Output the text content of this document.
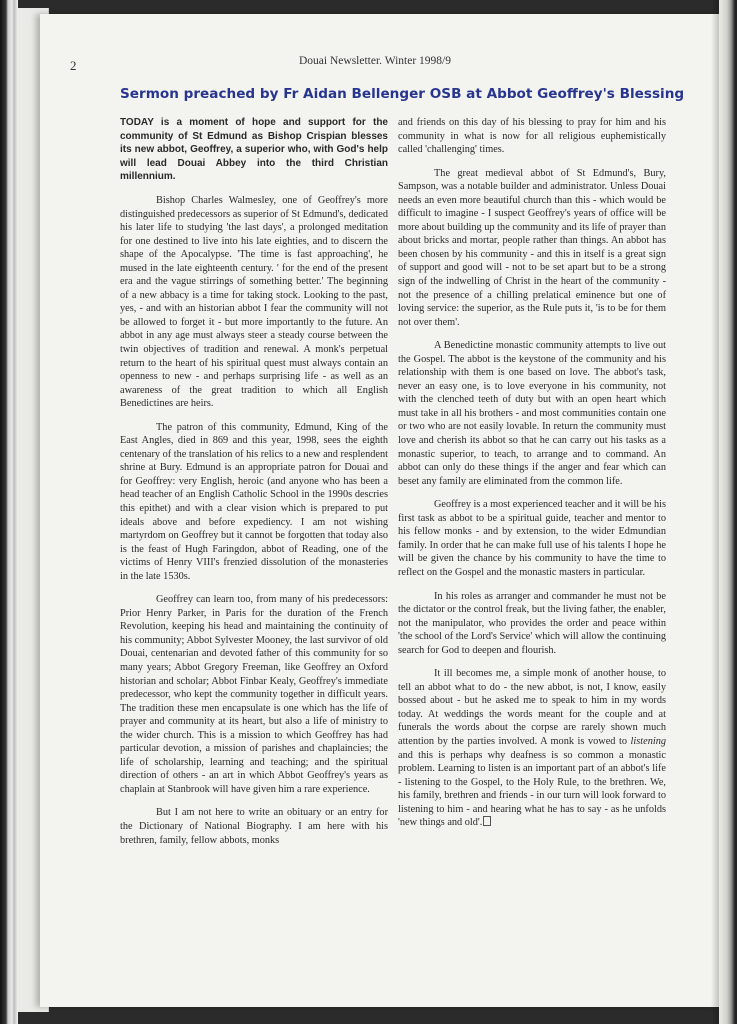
2	Douai Newsletter. Winter 1998/9
Sermon preached by Fr Aidan Bellenger OSB at Abbot Geoffrey's Blessing

TODAY is a moment of hope and support for the community of St Edmund as Bishop Crispian blesses its new abbot, Geoffrey, a superior who, with God's help will lead Douai Abbey into the third Christian millennium.

Bishop Charles Walmesley, one of Geoffrey's more distinguished predecessors as superior of St Edmund's, dedicated his later life to studying 'the last days', a prolonged meditation for one destined to live into his late eighties, and to discern the shape of the Apocalypse. 'The time is fast approaching', he mused in the late eighteenth century. ' for the end of the present era and the vague stirrings of something better.' The beginning of a new abbacy is a time for taking stock. Looking to the past, yes, - and with an historian abbot I fear the community will not be allowed to forget it - but more importantly to the future. An abbot in any age must always steer a steady course between the twin objectives of tradition and renewal. A monk's perpetual return to the heart of his spiritual quest must always contain an openness to new - and perhaps surprising life - as well as an awareness of the great tradition to which all English Benedictines are heirs.

The patron of this community, Edmund, King of the East Angles, died in 869 and this year, 1998, sees the eighth centenary of the translation of his relics to a new and resplendent shrine at Bury. Edmund is an appropriate patron for Douai and for Geoffrey: very English, heroic (and anyone who has been a head teacher of an English Catholic School in the 1990s descries this epithet) and with a clear vision which is prepared to put ideals above and before expediency. I am not wishing martyrdom on Geoffrey but it cannot be forgotten that today also is the feast of Hugh Faringdon, abbot of Reading, one of the victims of Henry VIII's frenzied dissolution of the monasteries in the late 1530s.

Geoffrey can learn too, from many of his predecessors: Prior Henry Parker, in Paris for the duration of the French Revolution, keeping his head and maintaining the continuity of his community; Abbot Sylvester Mooney, the last survivor of old Douai, centenarian and devoted father of this community for so many years; Abbot Gregory Freeman, like Geoffrey an Oxford historian and scholar; Abbot Finbar Kealy, Geoffrey's immediate predecessor, who kept the community together in difficult years. The tradition these men encapsulate is one which has the life of prayer and community at its heart, but also a life of ministry to the wider church. This is a mission to which Geoffrey has had particular devotion, a mission of parishes and chaplaincies; the life of scholarship, learning and teaching; and the spiritual direction of others - an art in which Abbot Geoffrey's years as chaplain at Stanbrook will have given him a rare experience.

But I am not here to write an obituary or an entry for the Dictionary of National Biography. I am here with his brethren, family, fellow abbots, monks

and friends on this day of his blessing to pray for him and his community in what is now for all religious euphemistically called 'challenging' times.

The great medieval abbot of St Edmund's, Bury, Sampson, was a notable builder and administrator. Unless Douai needs an even more beautiful church than this - which would be difficult to imagine - I suspect Geoffrey's years of office will be more about building up the community and its life of prayer than about bricks and mortar, people rather than things. An abbot has been chosen by his community - and this in itself is a great sign of support and good will - not to be set apart but to be a strong sign of the indwelling of Christ in the heart of the community - not the presence of a chilling prelatical eminence but one of loving service: the superior, as the Rule puts it, 'is to be for them not over them'.

A Benedictine monastic community attempts to live out the Gospel. The abbot is the keystone of the community and his relationship with them is one based on love. The abbot's task, never an easy one, is to love everyone in his community, not with the clenched teeth of duty but with an open heart which must take in all his brothers - and most communities contain one or two who are not easily lovable. In return the community must love and cherish its abbot so that he can carry out his tasks as a monastic superior, to teach, to arrange and to command. An abbot can only do these things if the anger and fear which can beset any family are eliminated from the common life.

Geoffrey is a most experienced teacher and it will be his first task as abbot to be a spiritual guide, teacher and mentor to his fellow monks - and by extension, to the wider Edmundian family. In order that he can make full use of his talents I hope he will be given the chance by his community to have the time to reflect on the Gospel and the monastic masters in particular.

In his roles as arranger and commander he must not be the dictator or the control freak, but the living father, the enabler, not the manipulator, who provides the order and peace within 'the school of the Lord's Service' which will allow the continuing search for God to deepen and flourish.

It ill becomes me, a simple monk of another house, to tell an abbot what to do - the new abbot, is not, I know, easily bossed about - but he asked me to speak to him in my words today. At weddings the words meant for the couple and at funerals the words about the corpse are rarely shown much attention by the parties involved. A monk is vowed to listening and this is perhaps why deafness is so common a monastic problem. Learning to listen is an important part of an abbot's life - listening to the Gospel, to the Holy Rule, to the brethren. We, his family, brethren and friends - in our turn will look forward to listening to him - and hearing what he has to say - as he unfolds 'new things and old'.
